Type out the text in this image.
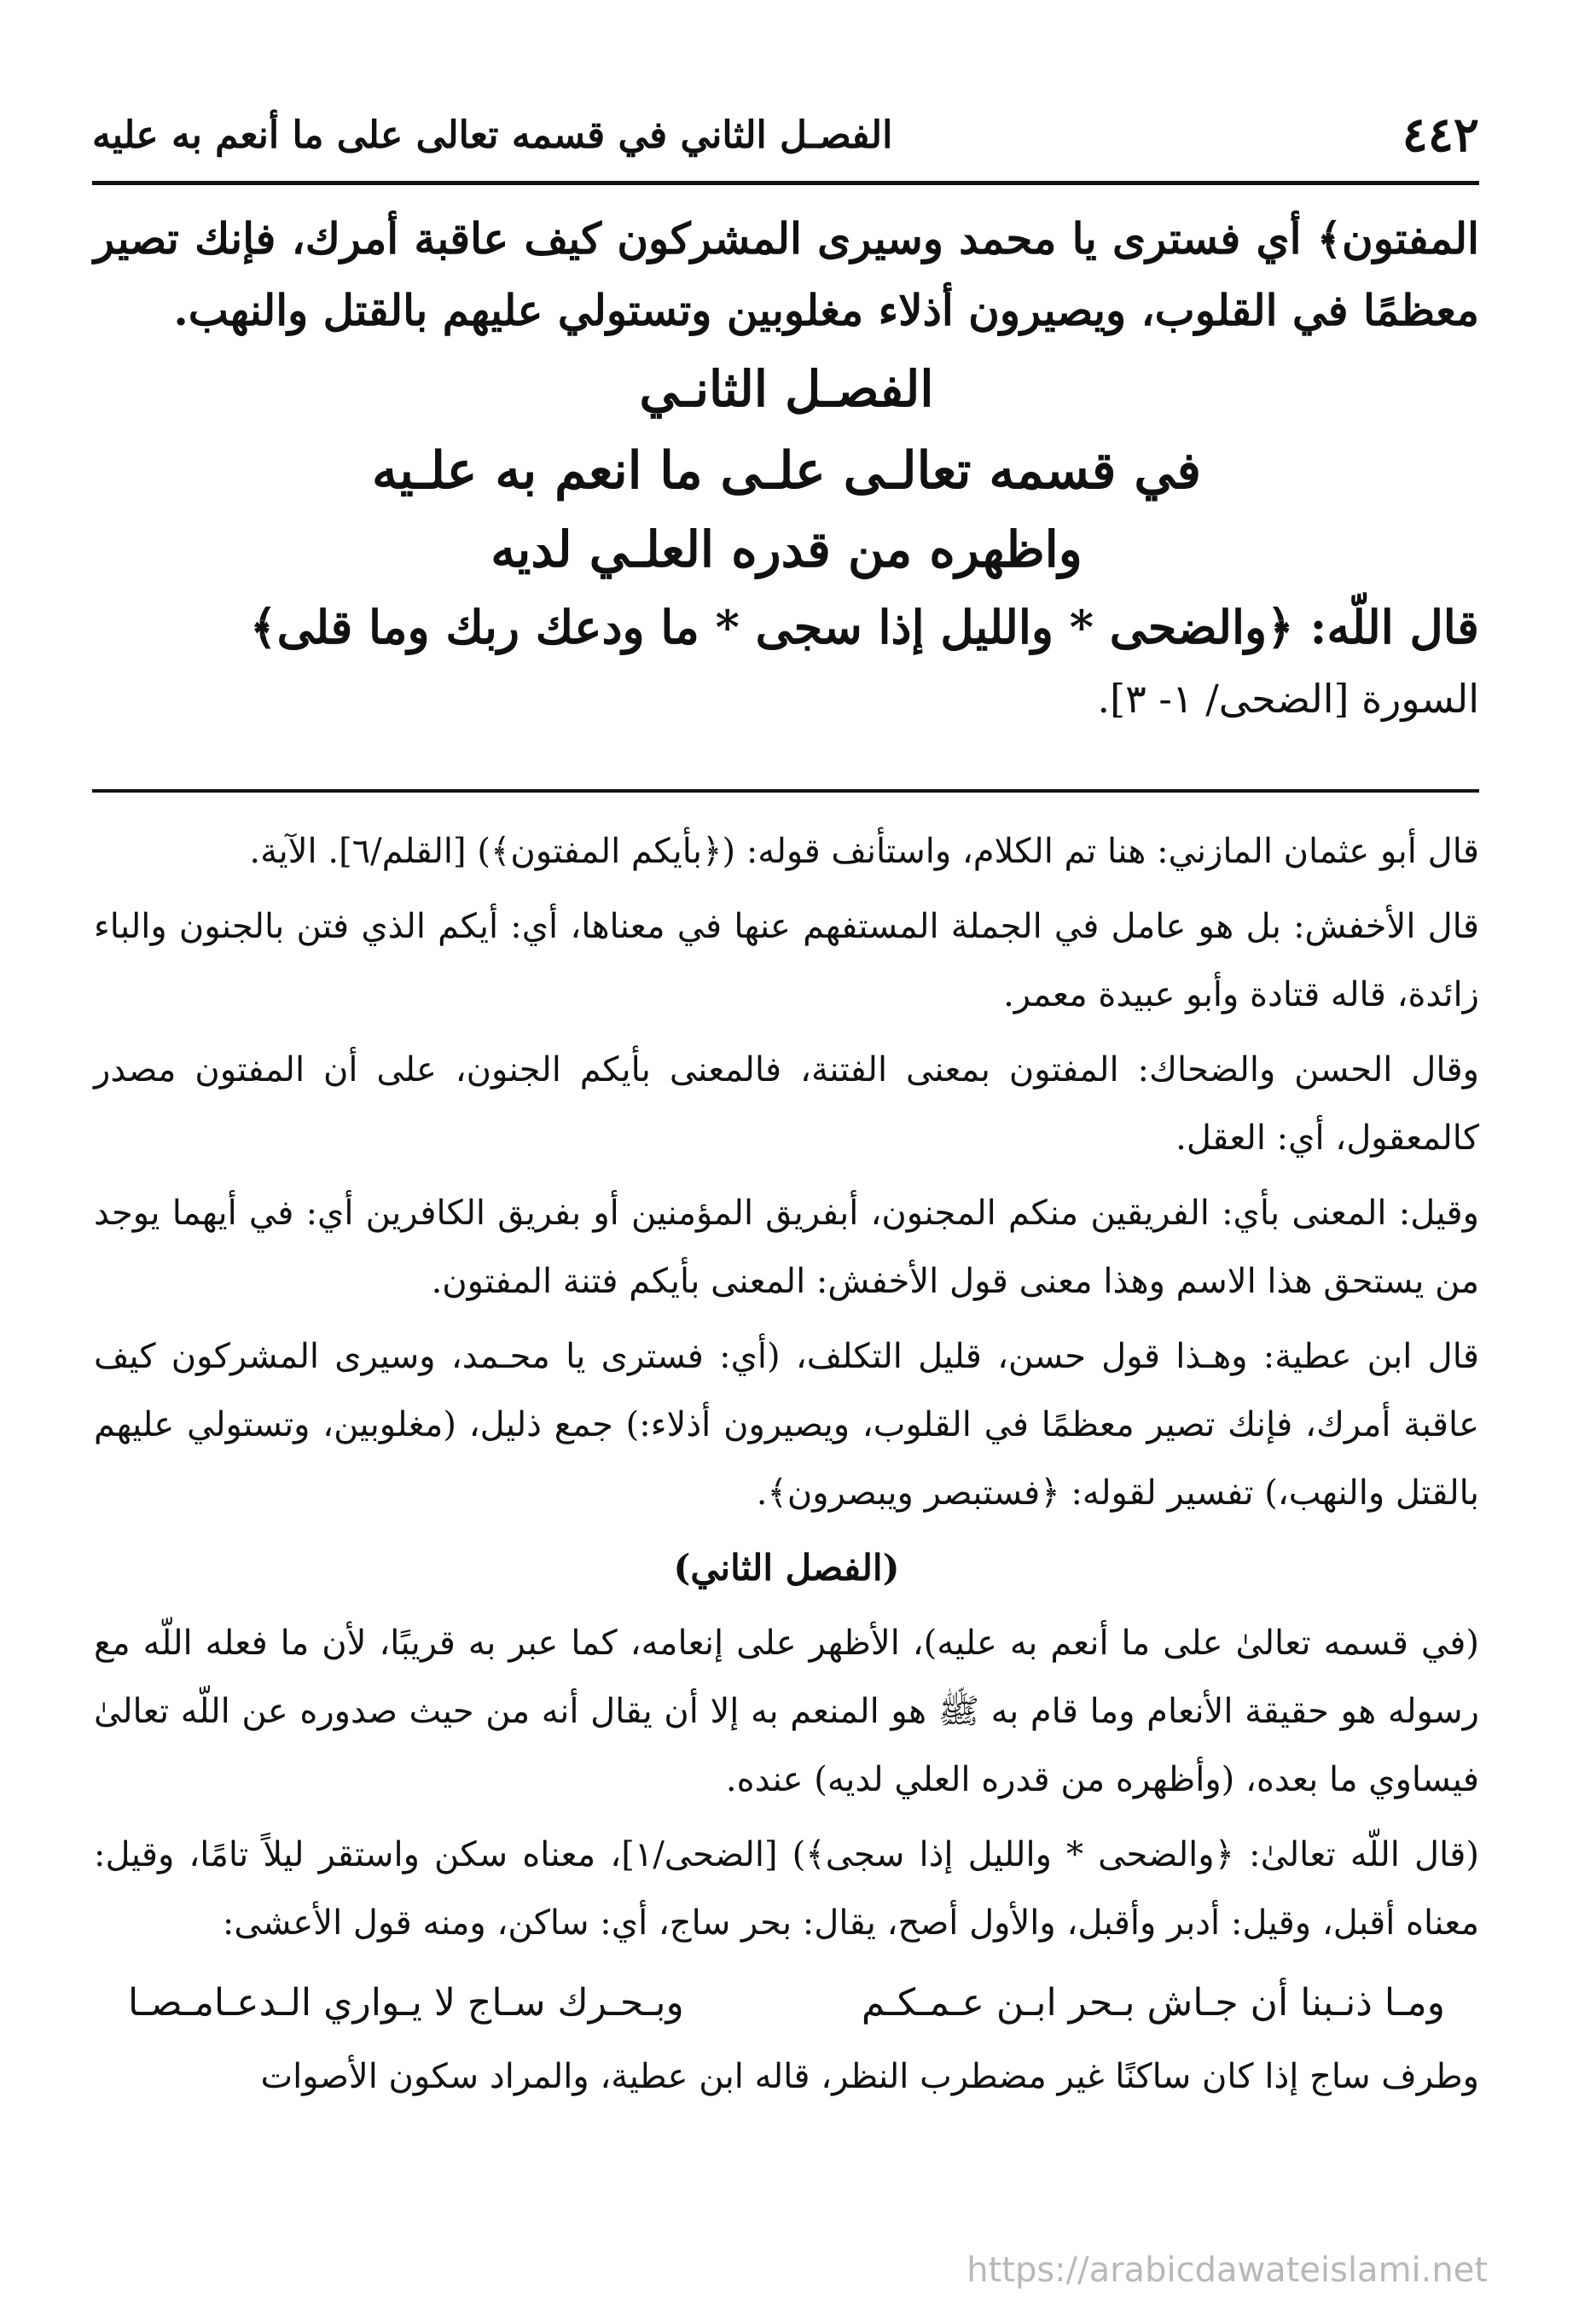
٤٤٢
الفصـل الثاني في قسمه تعالى على ما أنعم به عليه

المفتون﴾ أي فسترى يا محمد وسيرى المشركون كيف عاقبة أمرك، فإنك تصير معظمًا في القلوب، ويصيرون أذلاء مغلوبين وتستولي عليهم بالقتل والنهب.

الفصـل الثانـي

في قسمه تعالـى علـى ما انعم به علـيه

واظهره من قدره العلـي لديه

قال اللّه: ﴿والضحى * والليل إذا سجى * ما ودعك ربك وما قلى﴾

السورة [الضحى/ ١- ٣].

قال أبو عثمان المازني: هنا تم الكلام، واستأنف قوله: (﴿بأيكم المفتون﴾) [القلم/٦]. الآية.

قال الأخفش: بل هو عامل في الجملة المستفهم عنها في معناها، أي: أيكم الذي فتن بالجنون والباء زائدة، قاله قتادة وأبو عبيدة معمر.

وقال الحسن والضحاك: المفتون بمعنى الفتنة، فالمعنى بأيكم الجنون، على أن المفتون مصدر كالمعقول، أي: العقل.

وقيل: المعنى بأي: الفريقين منكم المجنون، أبفريق المؤمنين أو بفريق الكافرين أي: في أيهما يوجد من يستحق هذا الاسم وهذا معنى قول الأخفش: المعنى بأيكم فتنة المفتون.

قال ابن عطية: وهـذا قول حسن، قليل التكلف، (أي: فسترى يا محـمد، وسيرى المشركون كيف عاقبة أمرك، فإنك تصير معظمًا في القلوب، ويصيرون أذلاء:) جمع ذليل، (مغلوبين، وتستولي عليهم بالقتل والنهب،) تفسير لقوله: ﴿فستبصر ويبصرون﴾.

(الفصل الثاني)

(في قسمه تعالىٰ على ما أنعم به عليه)، الأظهر على إنعامه، كما عبر به قريبًا، لأن ما فعله اللّه مع رسوله هو حقيقة الأنعام وما قام به ﷺ هو المنعم به إلا أن يقال أنه من حيث صدوره عن اللّه تعالىٰ فيساوي ما بعده، (وأظهره من قدره العلي لديه) عنده.

(قال اللّه تعالىٰ: ﴿والضحى * والليل إذا سجى﴾) [الضحى/١]، معناه سكن واستقر ليلاً تامًا، وقيل: معناه أقبل، وقيل: أدبر وأقبل، والأول أصح، يقال: بحر ساج، أي: ساكن، ومنه قول الأعشى:

ومـا ذنـبنا أن جـاش بـحر ابـن عـمـكـم
وبـحـرك سـاج لا يـواري الـدعـامـصـا

وطرف ساج إذا كان ساكنًا غير مضطرب النظر، قاله ابن عطية، والمراد سكون الأصوات

https://arabicdawateislami.net
